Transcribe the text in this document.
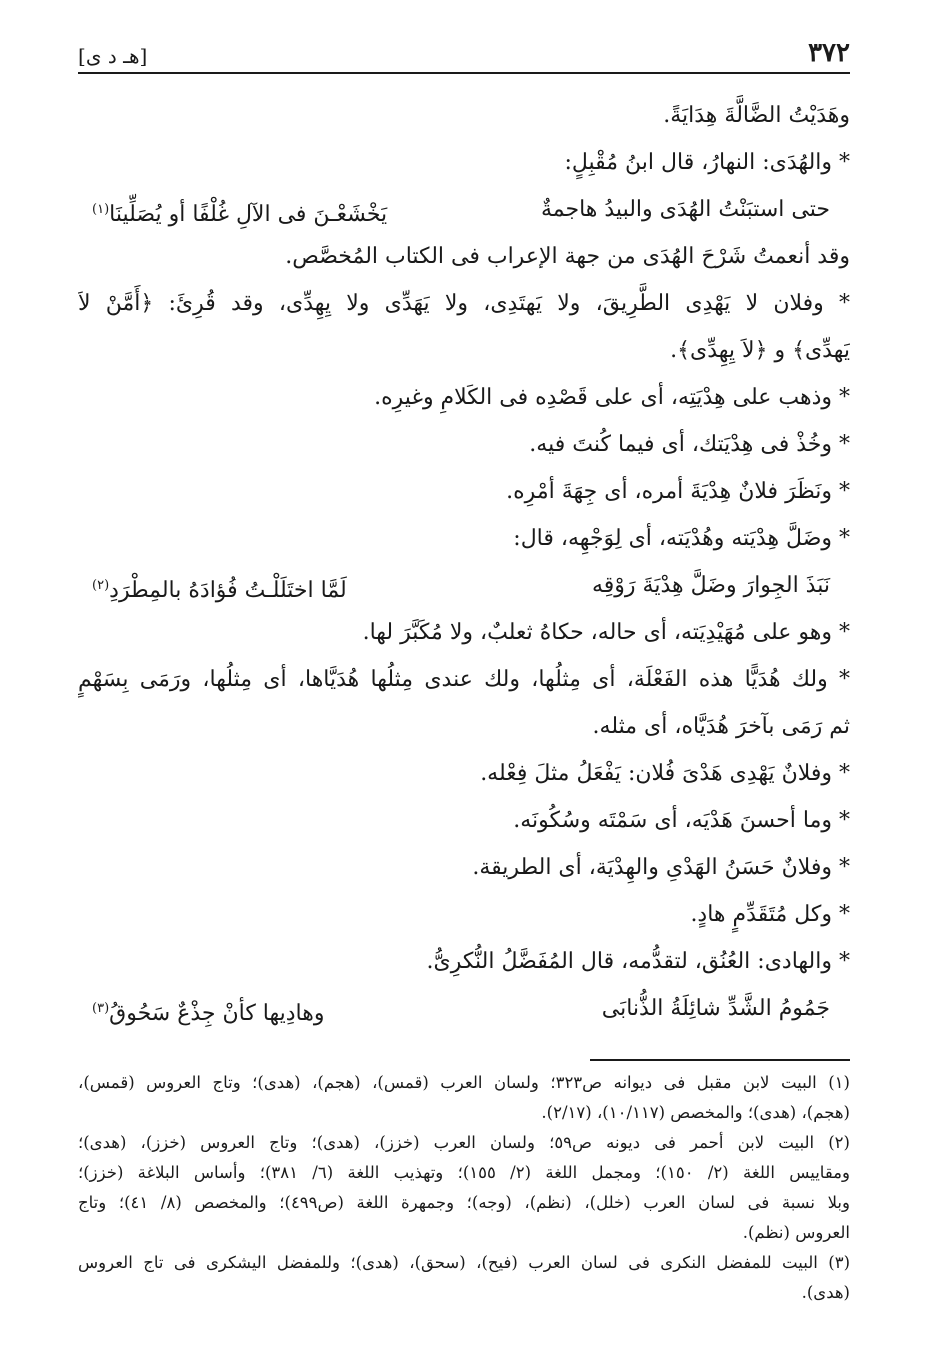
٣٧٢
[هـ د ى]
وهَدَيْتُ الضَّالَّةَ هِدَايَةً.
* والهُدَى: النهارُ، قال ابنُ مُقْبِلٍ:
حتى استبَنْتُ الهُدَى والبيدُ هاجمةٌ
يَخْشَعْـنَ فى الآلِ غُلْفًا أو يُصَلِّينَا(١)
وقد أنعمتُ شَرْحَ الهُدَى من جهة الإعراب فى الكتاب المُخصَّص.
* وفلان لا يَهْدِى الطَّرِيقَ، ولا يَهتَدِى، ولا يَهَدِّى ولا يِهِدِّى، وقد قُرِئَ: ﴿أَمَّنْ لاَ
يَهدِّى﴾ و ﴿لاَ يِهِدِّى﴾.
* وذهب على هِدْيَتِه، أى على قَصْدِه فى الكَلامِ وغيرِه.
* وخُذْ فى هِدْيَتك، أى فيما كُنتَ فيه.
* ونَظَرَ فلانٌ هِدْيَةَ أمره، أى جِهَةَ أمْرِه.
* وضَلَّ هِدْيَته وهُدْيَته، أى لِوَجْهِه، قال:
نَبَذَ الجِوارَ وضَلَّ هِدْيَةَ رَوْقِه
لَمَّا اختَلَلْـتُ فُؤادَهُ بالمِطْرَدِ(٢)
* وهو على مُهَيْدِيَته، أى حاله، حكاهُ ثعلبٌ، ولا مُكَبَّرَ لها.
* ولك هُدَيًّا هذه الفَعْلَة، أى مِثلُها، ولك عندى مِثلُها هُدَيَّاها، أى مِثلُها، ورَمَى بِسَهْمٍ
ثم رَمَى بآخرَ هُدَيَّاه، أى مثله.
* وفلانٌ يَهْدِى هَدْىَ فُلان: يَفْعَلُ مثلَ فِعْله.
* وما أحسنَ هَدْيَه، أى سَمْتَه وسُكُونَه.
* وفلانٌ حَسَنُ الهَدْىِ والهِدْيَة، أى الطريقة.
* وكل مُتَقَدِّمٍ هادٍ.
* والهادى: العُنُق، لتقدُّمه، قال المُفَضَّلُ النُّكرِىُّ.
جَمُومُ الشَّدِّ شائِلَةُ الذُّنابَى
وهادِيها كأنْ جِذْعٌ سَحُوقُ(٣)
(١) البيت لابن مقبل فى ديوانه ص٣٢٣؛ ولسان العرب (قمس)، (هجم)، (هدى)؛ وتاج العروس (قمس)،
(هجم)، (هدى)؛ والمخصص (١٠/١١٧)، (٢/١٧).
(٢) البيت لابن أحمر فى ديونه ص٥٩؛ ولسان العرب (خزز)، (هدى)؛ وتاج العروس (خزز)، (هدى)؛
ومقاييس اللغة (٢/ ١٥٠)؛ ومجمل اللغة (٢/ ١٥٥)؛ وتهذيب اللغة (٦/ ٣٨١)؛ وأساس البلاغة (خزز)؛
وبلا نسبة فى لسان العرب (خلل)، (نظم)، (وجه)؛ وجمهرة اللغة (ص٤٩٩)؛ والمخصص (٨/ ٤١)؛ وتاج
العروس (نظم).
(٣) البيت للمفضل النكرى فى لسان العرب (فيح)، (سحق)، (هدى)؛ وللمفضل اليشكرى فى تاج العروس
(هدى).
